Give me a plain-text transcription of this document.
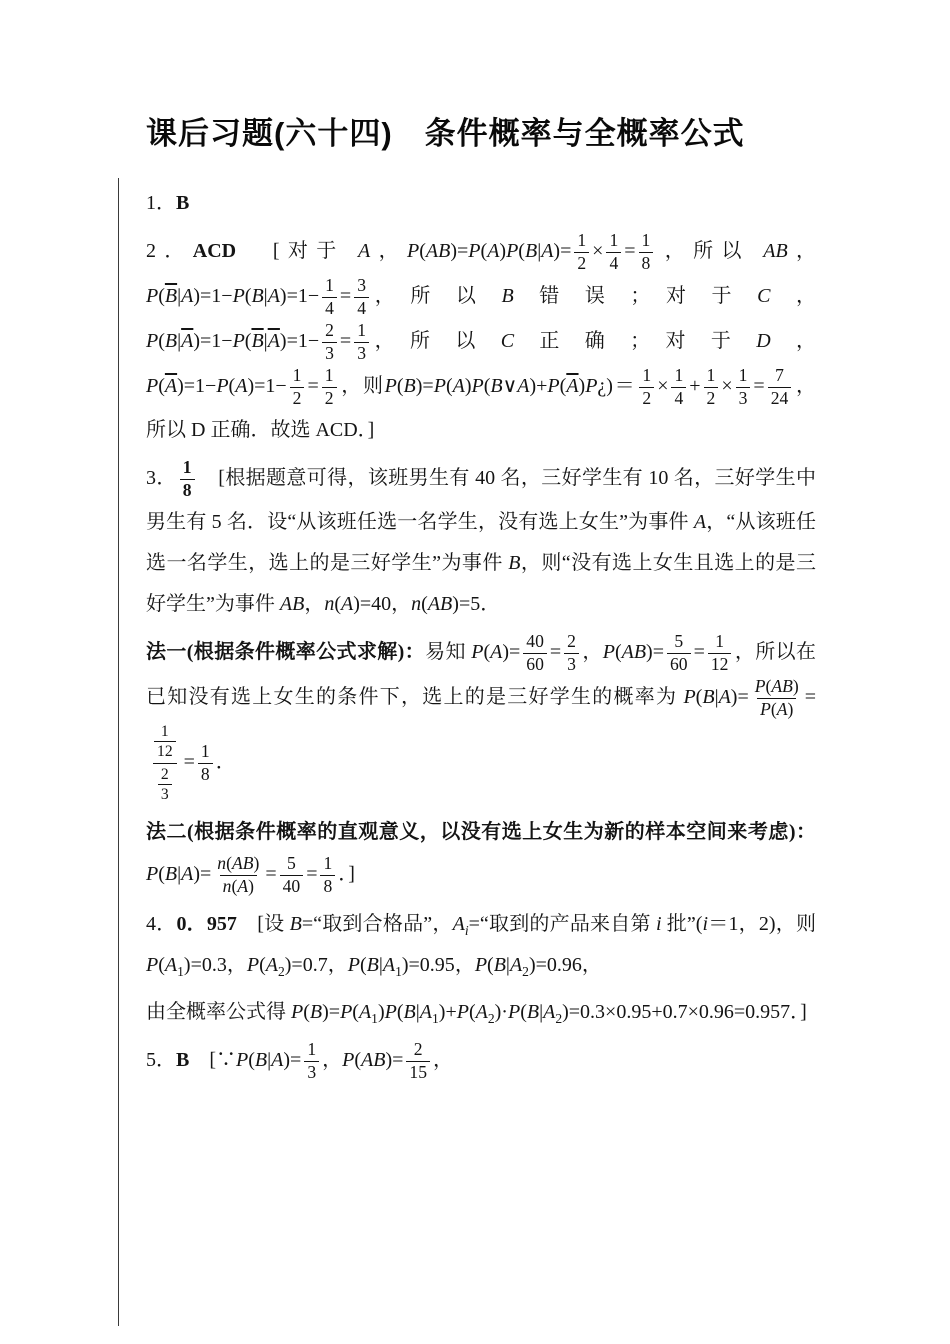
课后习题(六十四)　条件概率与全概率公式
1．B
2．ACD　[对于 A，$P(AB)=P(A)P(B|A)= \frac{1}{2} \times \frac{1}{4} = \frac{1}{8}$ ，所以 AB，$P(\overline{B}|A)=1-P(B|A)=1- \frac{1}{4} = \frac{3}{4}$ ，　所　以　B　错　误　；　对　于　C　，$P(B|\overline{A})=1-P(\overline{B}|\overline{A})=1- \frac{2}{3} = \frac{1}{3}$ ，　所　以　C　正　确　；　对　于　D　，$P(\overline{A})=1-P(A)=1- \frac{1}{2} = \frac{1}{2}$ ，则$P(B)=P(A)P(B\vee A)+P(\overline{A})P¿)= \frac{1}{2} \times \frac{1}{4} + \frac{1}{2} \times \frac{1}{3} = \frac{7}{24}$ ，所以 D 正确．故选 ACD．]
3． $\frac{1}{8}$ 　[根据题意可得，该班男生有 40 名，三好学生有 10 名，三好学生中男生有 5 名．设“从该班任选一名学生，没有选上女生”为事件 A，“从该班任选一名学生，选上的是三好学生”为事件 B，则“没有选上女生且选上的是三好学生”为事件 AB，n(A)=40，n(AB)=5．
法一(根据条件概率公式求解)：易知 $P(A)= \frac{40}{60} = \frac{2}{3}$ ，$P(AB)= \frac{5}{60} = \frac{1}{12}$ ，所以在已知没有选上女生的条件下，选上的是三好学生的概率为 $P(B|A)= \frac{P(AB)}{P(A)}$ =
$\frac{\frac{1}{12}}{\frac{2}{3}} = \frac{1}{8}$ ．
法二(根据条件概率的直观意义，以没有选上女生为新的样本空间来考虑)：$P(B|A)= \frac{n(AB)}{n(A)} = \frac{5}{40} = \frac{1}{8}$ ．]
4．0．957　[设 B=“取到合格品”，$A_i=“$取到的产品来自第 i 批”(i＝1，2)，则 $P(A_1)=0.3$，$P(A_2)=0.7$，$P(B|A_1)=0.95$，$P(B|A_2)=0.96$，
由全概率公式得 $P(B)=P(A_1)P(B|A_1)+P(A_2)\cdot P(B|A_2)=0.3\times 0.95+0.7\times 0.96=0.957$．]
5．B　[∵P(B|A)= $\frac{1}{3}$ ，$P(AB)= \frac{2}{15}$ ，
